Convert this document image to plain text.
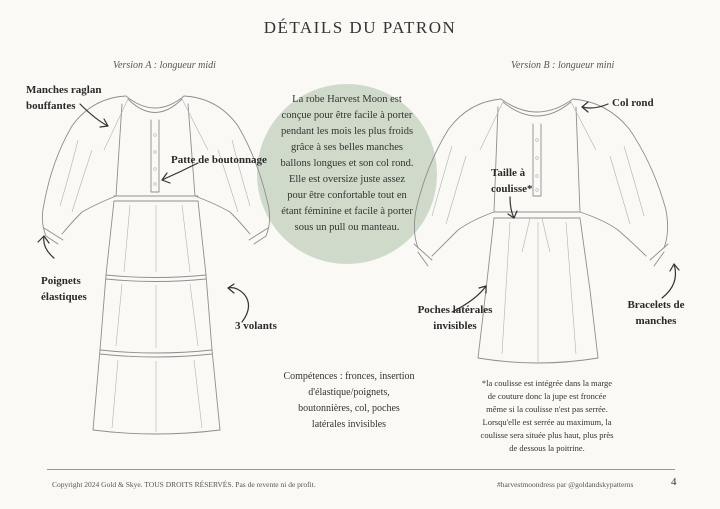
DÉTAILS DU PATRON
Version A : longueur midi	Version B : longueur mini
La robe Harvest Moon est
conçue pour être facile à porter
pendant les mois les plus froids
grâce à ses belles manches
ballons longues et son col rond.
Elle est oversize juste assez
pour être confortable tout en
étant féminine et facile à porter
sous un pull ou manteau.
Manches raglan
bouffantes
Patte de boutonnage
Poignets
élastiques
3 volants
Col rond
Taille à
coulisse*
Poches latérales
invisibles
Bracelets de
manches
Compétences : fronces, insertion
d'élastique/poignets,
boutonnières, col, poches
latérales invisibles
*la coulisse est intégrée dans la marge
de couture donc la jupe est froncée
même si la coulisse n'est pas serrée.
Lorsqu'elle est serrée au maximum, la
coulisse sera située plus haut, plus près
de dessous la poitrine.
Copyright 2024 Gold & Skye. TOUS DROITS RÉSERVÉS. Pas de revente ni de profit.	#harvestmoondress par @goldandskypatterns	4
